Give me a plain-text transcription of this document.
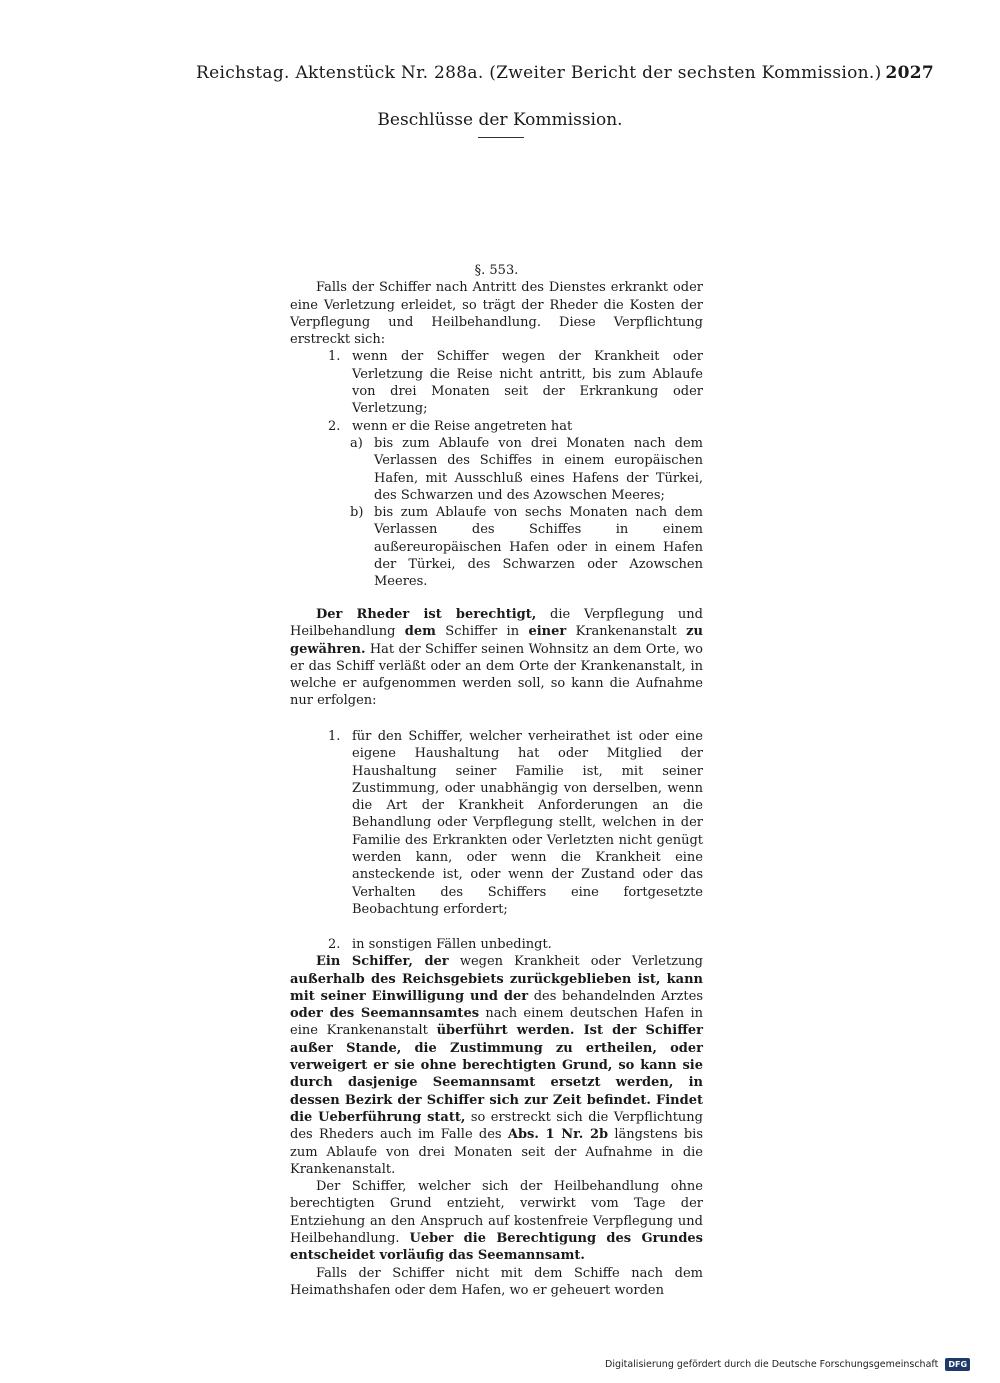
Reichstag. Aktenstück Nr. 288a. (Zweiter Bericht der sechsten Kommission.) 2027
Beschlüsse der Kommission.

§. 553.

Falls der Schiffer nach Antritt des Dienstes erkrankt oder eine Verletzung erleidet, so trägt der Rheder die Kosten der Verpflegung und Heilbehandlung. Diese Verpflichtung erstreckt sich:

1. wenn der Schiffer wegen der Krankheit oder Verletzung die Reise nicht antritt, bis zum Ablaufe von drei Monaten seit der Erkrankung oder Verletzung;
2. wenn er die Reise angetreten hat
a) bis zum Ablaufe von drei Monaten nach dem Verlassen des Schiffes in einem europäischen Hafen, mit Ausschluß eines Hafens der Türkei, des Schwarzen und des Azowschen Meeres;
b) bis zum Ablaufe von sechs Monaten nach dem Verlassen des Schiffes in einem außereuropäischen Hafen oder in einem Hafen der Türkei, des Schwarzen oder Azowschen Meeres.

Der Rheder ist berechtigt, die Verpflegung und Heilbehandlung dem Schiffer in einer Krankenanstalt zu gewähren. Hat der Schiffer seinen Wohnsitz an dem Orte, wo er das Schiff verläßt oder an dem Orte der Krankenanstalt, in welche er aufgenommen werden soll, so kann die Aufnahme nur erfolgen:

1. für den Schiffer, welcher verheirathet ist oder eine eigene Haushaltung hat oder Mitglied der Haushaltung seiner Familie ist, mit seiner Zustimmung, oder unabhängig von derselben, wenn die Art der Krankheit Anforderungen an die Behandlung oder Verpflegung stellt, welchen in der Familie des Erkrankten oder Verletzten nicht genügt werden kann, oder wenn die Krankheit eine ansteckende ist, oder wenn der Zustand oder das Verhalten des Schiffers eine fortgesetzte Beobachtung erfordert;
2. in sonstigen Fällen unbedingt.

Ein Schiffer, der wegen Krankheit oder Verletzung außerhalb des Reichsgebiets zurückgeblieben ist, kann mit seiner Einwilligung und der des behandelnden Arztes oder des Seemannsamtes nach einem deutschen Hafen in eine Krankenanstalt überführt werden. Ist der Schiffer außer Stande, die Zustimmung zu ertheilen, oder verweigert er sie ohne berechtigten Grund, so kann sie durch dasjenige Seemannsamt ersetzt werden, in dessen Bezirk der Schiffer sich zur Zeit befindet. Findet die Ueberführung statt, so erstreckt sich die Verpflichtung des Rheders auch im Falle des Abs. 1 Nr. 2b längstens bis zum Ablaufe von drei Monaten seit der Aufnahme in die Krankenanstalt.

Der Schiffer, welcher sich der Heilbehandlung ohne berechtigten Grund entzieht, verwirkt vom Tage der Entziehung an den Anspruch auf kostenfreie Verpflegung und Heilbehandlung. Ueber die Berechtigung des Grundes entscheidet vorläufig das Seemannsamt.

Falls der Schiffer nicht mit dem Schiffe nach dem Heimathshafen oder dem Hafen, wo er geheuert worden

Digitalisierung gefördert durch die Deutsche Forschungsgemeinschaft DFG
